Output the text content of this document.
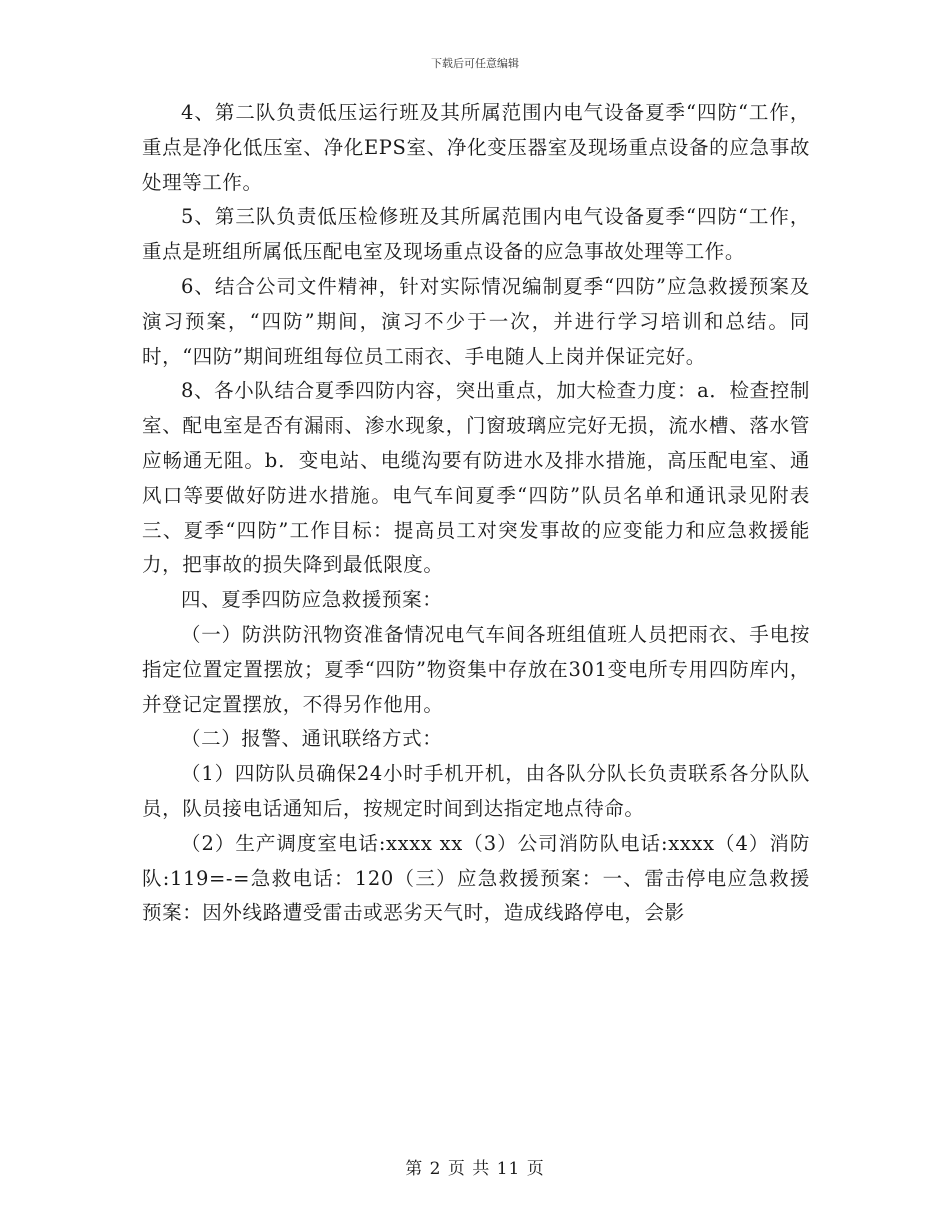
下载后可任意编辑

4、第二队负责低压运行班及其所属范围内电气设备夏季“四防“工作，重点是净化低压室、净化EPS室、净化变压器室及现场重点设备的应急事故处理等工作。

5、第三队负责低压检修班及其所属范围内电气设备夏季“四防“工作，重点是班组所属低压配电室及现场重点设备的应急事故处理等工作。

6、结合公司文件精神，针对实际情况编制夏季“四防”应急救援预案及演习预案，“四防”期间，演习不少于一次，并进行学习培训和总结。同时，“四防”期间班组每位员工雨衣、手电随人上岗并保证完好。

8、各小队结合夏季四防内容，突出重点，加大检查力度：a．检查控制室、配电室是否有漏雨、渗水现象，门窗玻璃应完好无损，流水槽、落水管应畅通无阻。b．变电站、电缆沟要有防进水及排水措施，高压配电室、通风口等要做好防进水措施。电气车间夏季“四防”队员名单和通讯录见附表三、夏季“四防”工作目标：提高员工对突发事故的应变能力和应急救援能力，把事故的损失降到最低限度。

四、夏季四防应急救援预案：

（一）防洪防汛物资准备情况电气车间各班组值班人员把雨衣、手电按指定位置定置摆放；夏季“四防”物资集中存放在301变电所专用四防库内，并登记定置摆放，不得另作他用。

（二）报警、通讯联络方式：

（1）四防队员确保24小时手机开机，由各队分队长负责联系各分队队员，队员接电话通知后，按规定时间到达指定地点待命。

（2）生产调度室电话:xxxx xx（3）公司消防队电话:xxxx（4）消防队:119=-=急救电话：120（三）应急救援预案：一、雷击停电应急救援预案：因外线路遭受雷击或恶劣天气时，造成线路停电，会影

第 2 页 共 11 页
